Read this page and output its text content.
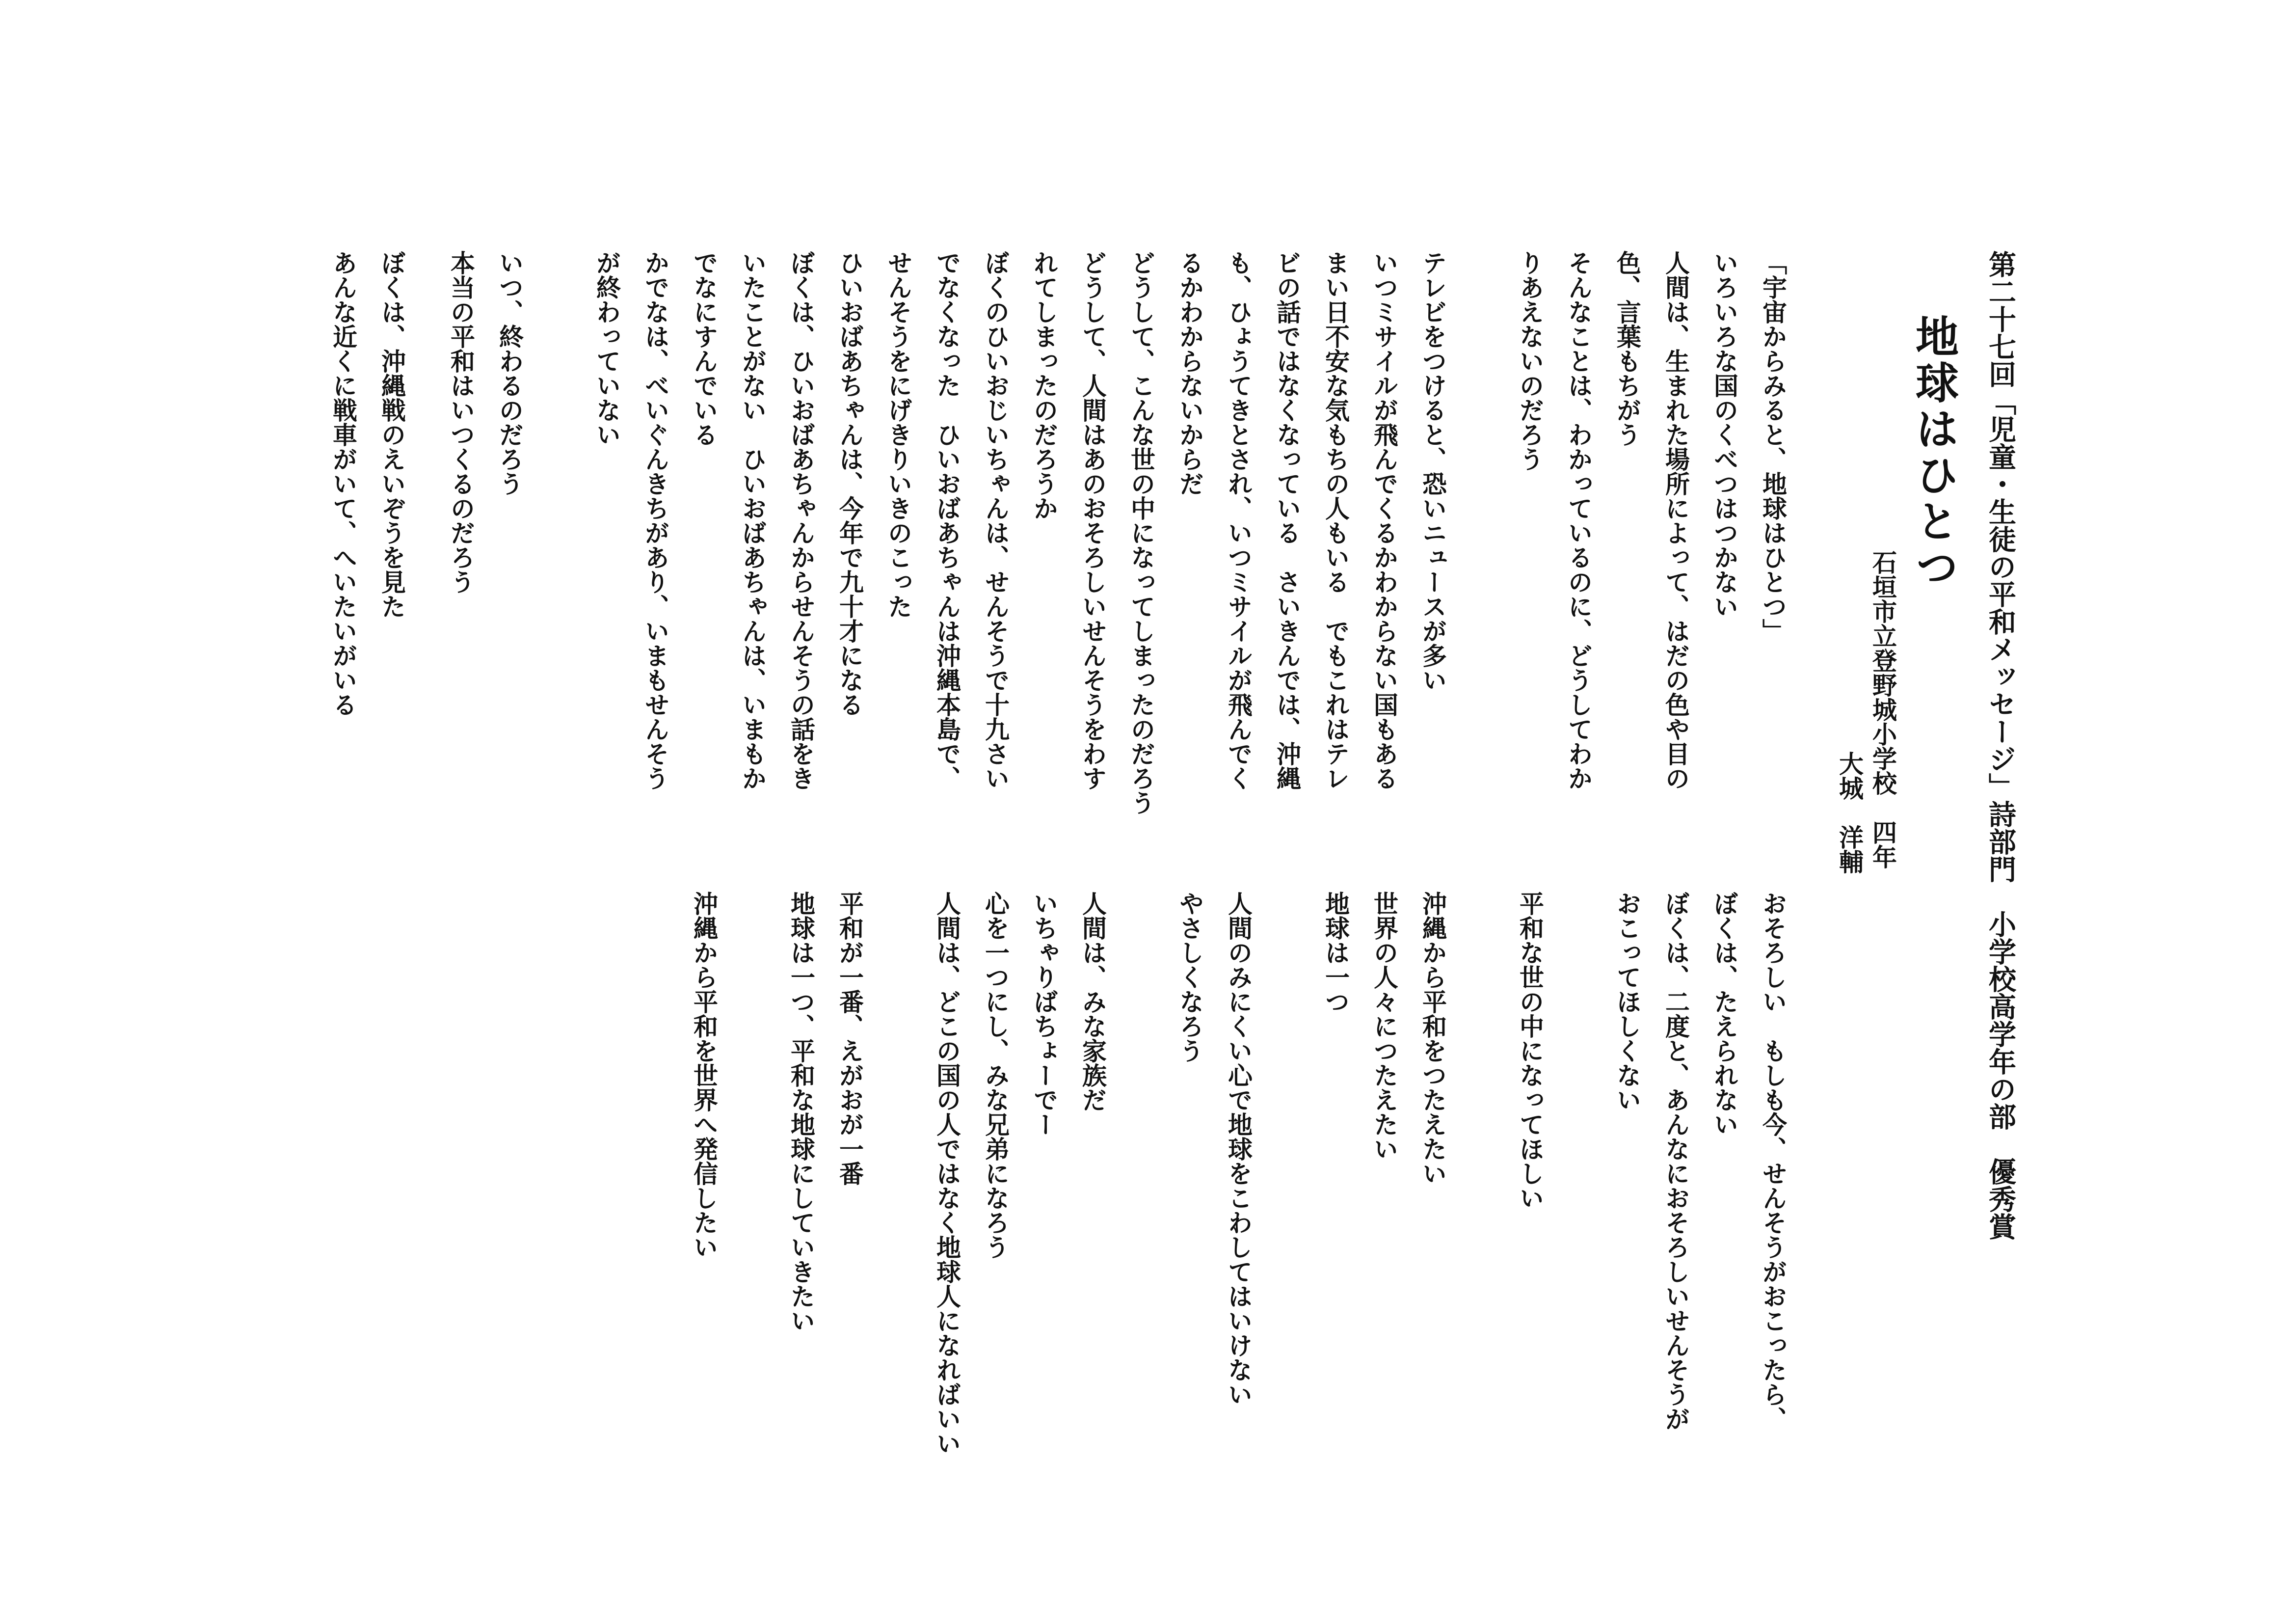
第二十七回「児童・生徒の平和メッセージ」詩部門　小学校高学年の部　優秀賞
地球はひとつ
石垣市立登野城小学校　四年
大城　洋輔
「宇宙からみると、地球はひとつ」
いろいろな国のくべつはつかない
人間は、生まれた場所によって、はだの色や目の
色、言葉もちがう
そんなことは、わかっているのに、どうしてわか
りあえないのだろう
テレビをつけると、恐いニュースが多い
いつミサイルが飛んでくるかわからない国もある
まい日不安な気もちの人もいる　でもこれはテレ
ビの話ではなくなっている　さいきんでは、沖縄
も、ひょうてきとされ、いつミサイルが飛んでく
るかわからないからだ
どうして、こんな世の中になってしまったのだろう
どうして、人間はあのおそろしいせんそうをわす
れてしまったのだろうか
ぼくのひいおじいちゃんは、せんそうで十九さい
でなくなった　ひいおばあちゃんは沖縄本島で、
せんそうをにげきりいきのこった
ひいおばあちゃんは、今年で九十才になる
ぼくは、ひいおばあちゃんからせんそうの話をき
いたことがない　ひいおばあちゃんは、いまもか
でなにすんでいる
かでなは、べいぐんきちがあり、いまもせんそう
が終わっていない
いつ、終わるのだろう
本当の平和はいつくるのだろう
ぼくは、沖縄戦のえいぞうを見た
あんな近くに戦車がいて、へいたいがいる
おそろしい　もしも今、せんそうがおこったら、
ぼくは、たえられない
ぼくは、二度と、あんなにおそろしいせんそうが
おこってほしくない
平和な世の中になってほしい
沖縄から平和をつたえたい
世界の人々につたえたい
地球は一つ
人間のみにくい心で地球をこわしてはいけない
やさしくなろう
人間は、みな家族だ
いちゃりばちょーでー
心を一つにし、みな兄弟になろう
人間は、どこの国の人ではなく地球人になればいい
平和が一番、えがおが一番
地球は一つ、平和な地球にしていきたい
沖縄から平和を世界へ発信したい
